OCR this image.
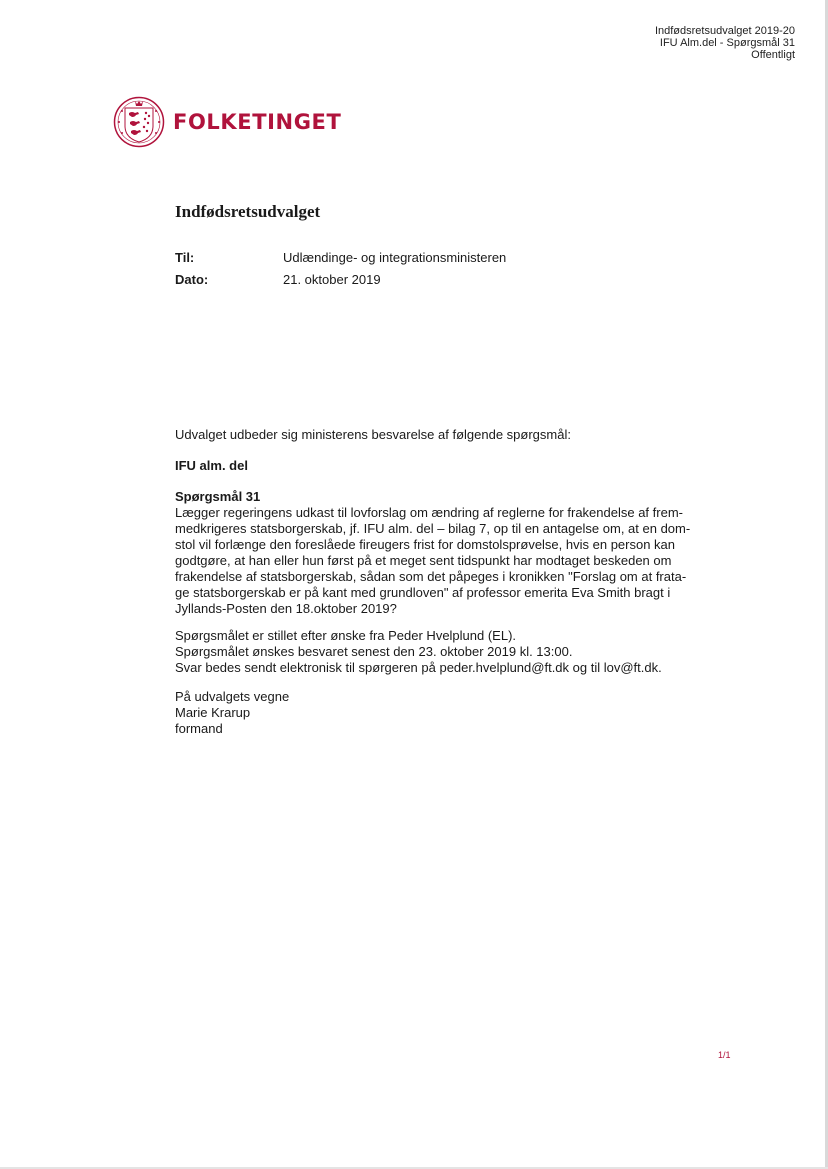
Indfødsretsudvalget 2019-20
IFU Alm.del - Spørgsmål 31
Offentligt
FOLKETINGET
Indfødsretsudvalget
Til:	Udlændinge- og integrationsministeren
Dato:	21. oktober 2019
Udvalget udbeder sig ministerens besvarelse af følgende spørgsmål:
IFU alm. del
Spørgsmål 31
Lægger regeringens udkast til lovforslag om ændring af reglerne for frakendelse af frem-
medkrigeres statsborgerskab, jf. IFU alm. del – bilag 7, op til en antagelse om, at en dom-
stol vil forlænge den foreslåede fireugers frist for domstolsprøvelse, hvis en person kan
godtgøre, at han eller hun først på et meget sent tidspunkt har modtaget beskeden om
frakendelse af statsborgerskab, sådan som det påpeges i kronikken "Forslag om at frata-
ge statsborgerskab er på kant med grundloven" af professor emerita Eva Smith bragt i
Jyllands-Posten den 18.oktober 2019?
Spørgsmålet er stillet efter ønske fra Peder Hvelplund (EL).
Spørgsmålet ønskes besvaret senest den 23. oktober 2019 kl. 13:00.
Svar bedes sendt elektronisk til spørgeren på peder.hvelplund@ft.dk og til lov@ft.dk.
På udvalgets vegne
Marie Krarup
formand
1/1
